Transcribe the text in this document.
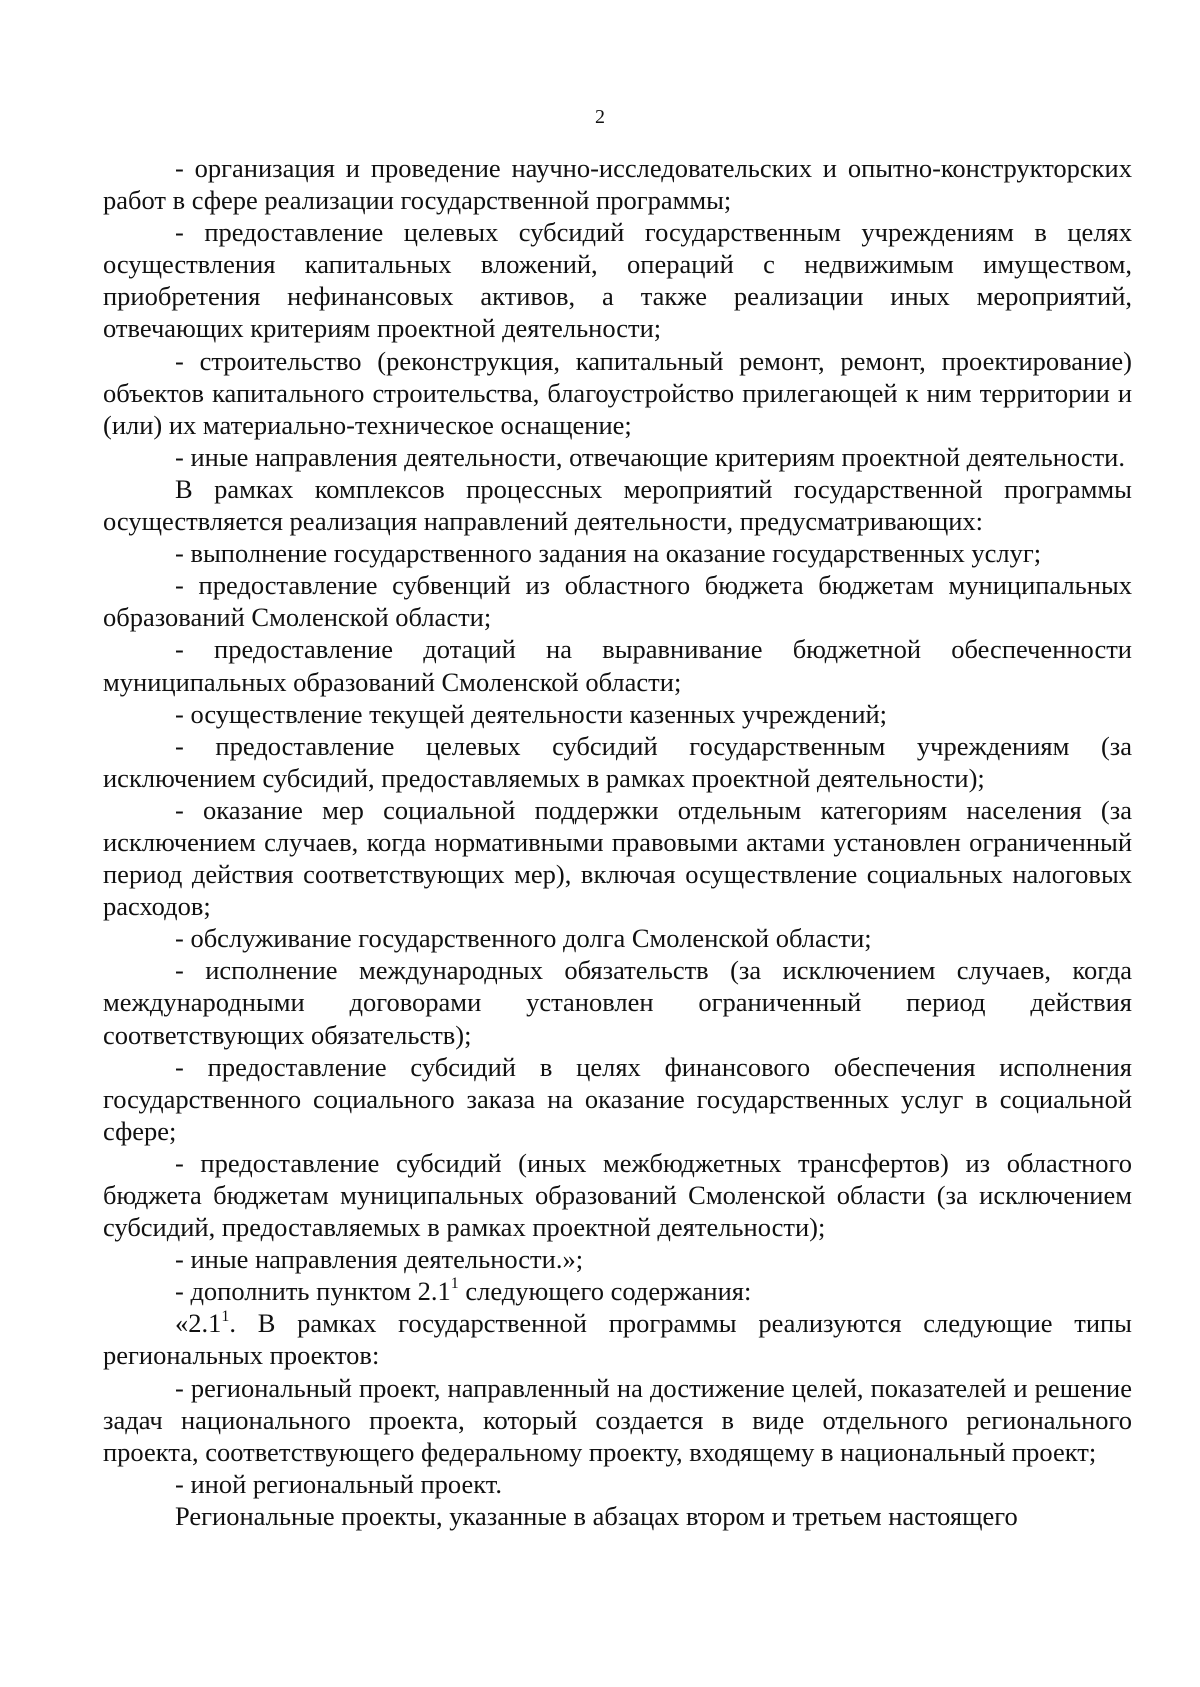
2

- организация и проведение научно-исследовательских и опытно-конструкторских работ в сфере реализации государственной программы;

- предоставление целевых субсидий государственным учреждениям в целях осуществления капитальных вложений, операций с недвижимым имуществом, приобретения нефинансовых активов, а также реализации иных мероприятий, отвечающих критериям проектной деятельности;

- строительство (реконструкция, капитальный ремонт, ремонт, проектирование) объектов капитального строительства, благоустройство прилегающей к ним территории и (или) их материально-техническое оснащение;

- иные направления деятельности, отвечающие критериям проектной деятельности.

В рамках комплексов процессных мероприятий государственной программы осуществляется реализация направлений деятельности, предусматривающих:

- выполнение государственного задания на оказание государственных услуг;

- предоставление субвенций из областного бюджета бюджетам муниципальных образований Смоленской области;

- предоставление дотаций на выравнивание бюджетной обеспеченности муниципальных образований Смоленской области;

- осуществление текущей деятельности казенных учреждений;

- предоставление целевых субсидий государственным учреждениям (за исключением субсидий, предоставляемых в рамках проектной деятельности);

- оказание мер социальной поддержки отдельным категориям населения (за исключением случаев, когда нормативными правовыми актами установлен ограниченный период действия соответствующих мер), включая осуществление социальных налоговых расходов;

- обслуживание государственного долга Смоленской области;

- исполнение международных обязательств (за исключением случаев, когда международными договорами установлен ограниченный период действия соответствующих обязательств);

- предоставление субсидий в целях финансового обеспечения исполнения государственного социального заказа на оказание государственных услуг в социальной сфере;

- предоставление субсидий (иных межбюджетных трансфертов) из областного бюджета бюджетам муниципальных образований Смоленской области (за исключением субсидий, предоставляемых в рамках проектной деятельности);

- иные направления деятельности.»;

- дополнить пунктом $2.1^1$ следующего содержания:

«$2.1^1$. В рамках государственной программы реализуются следующие типы региональных проектов:

- региональный проект, направленный на достижение целей, показателей и решение задач национального проекта, который создается в виде отдельного регионального проекта, соответствующего федеральному проекту, входящему в национальный проект;

- иной региональный проект.

Региональные проекты, указанные в абзацах втором и третьем настоящего
